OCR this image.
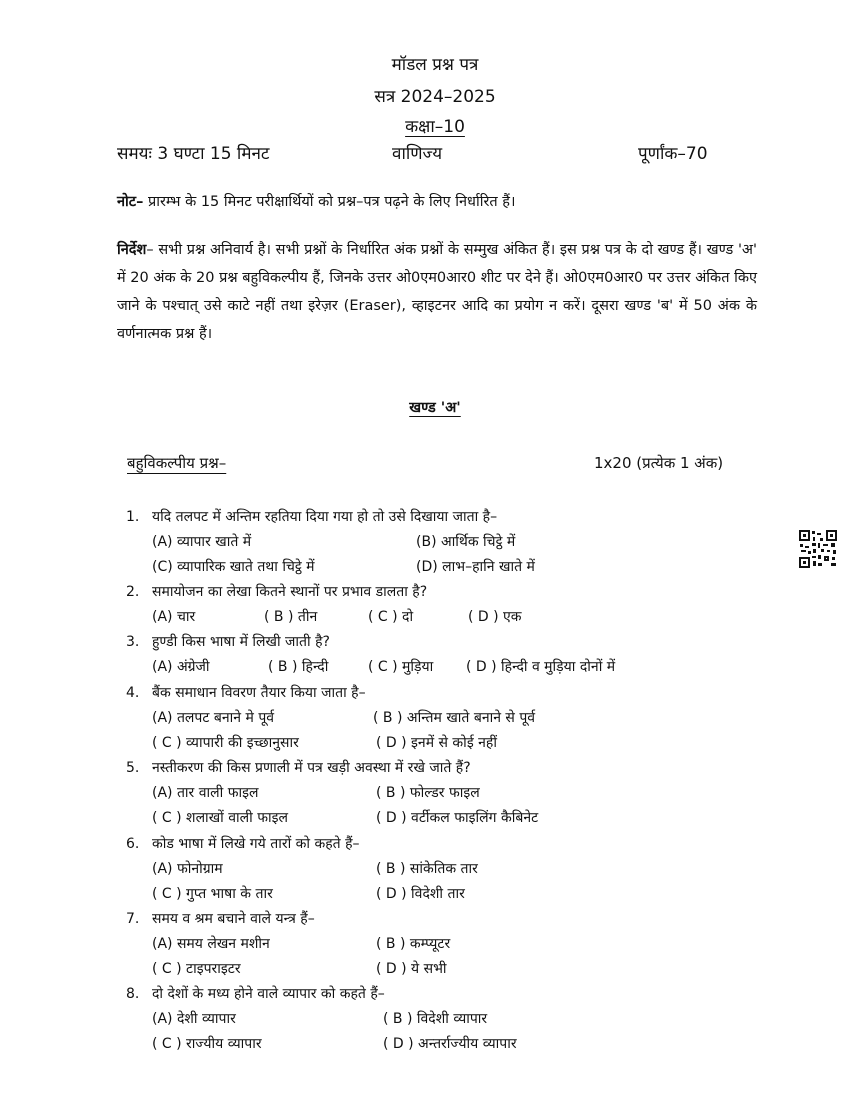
मॉडल प्रश्न पत्र
सत्र 2024–2025
कक्षा–10
समयः 3 घण्टा 15 मिनट	वाणिज्य	पूर्णांक–70
नोट– प्रारम्भ के 15 मिनट परीक्षार्थियों को प्रश्न–पत्र पढ़ने के लिए निर्धारित हैं।
निर्देश– सभी प्रश्न अनिवार्य है। सभी प्रश्नों के निर्धारित अंक प्रश्नों के सम्मुख अंकित हैं। इस प्रश्न पत्र के दो खण्ड हैं। खण्ड 'अ' में 20 अंक के 20 प्रश्न बहुविकल्पीय हैं, जिनके उत्तर ओ0एम0आर0 शीट पर देने हैं। ओ0एम0आर0 पर उत्तर अंकित किए जाने के पश्चात् उसे काटे नहीं तथा इरेज़र (Eraser), व्हाइटनर आदि का प्रयोग न करें। दूसरा खण्ड 'ब' में 50 अंक के वर्णनात्मक प्रश्न हैं।
खण्ड 'अ'
बहुविकल्पीय प्रश्न–	1x20 (प्रत्येक 1 अंक)
1. यदि तलपट में अन्तिम रहतिया दिया गया हो तो उसे दिखाया जाता है–
(A) व्यापार खाते में	(B) आर्थिक चिट्ठे में
(C) व्यापारिक खाते तथा चिट्ठे में	(D) लाभ–हानि खाते में
2. समायोजन का लेखा कितने स्थानों पर प्रभाव डालता है?
(A) चार	( B ) तीन	( C ) दो	( D ) एक
3. हुण्डी किस भाषा में लिखी जाती है?
(A) अंग्रेजी	( B ) हिन्दी	( C ) मुड़िया ( D ) हिन्दी व मुड़िया दोनों में
4. बैंक समाधान विवरण तैयार किया जाता है–
(A) तलपट बनाने मे पूर्व	( B ) अन्तिम खाते बनाने से पूर्व
( C ) व्यापारी की इच्छानुसार	( D ) इनमें से कोई नहीं
5. नस्तीकरण की किस प्रणाली में पत्र खड़ी अवस्था में रखे जाते हैं?
(A) तार वाली फाइल	( B ) फोल्डर फाइल
( C ) शलाखों वाली फाइल	( D ) वर्टीकल फाइलिंग कैबिनेट
6. कोड भाषा में लिखे गये तारों को कहते हैं–
(A) फोनोग्राम	( B ) सांकेतिक तार
( C ) गुप्त भाषा के तार	( D ) विदेशी तार
7. समय व श्रम बचाने वाले यन्त्र हैं–
(A) समय लेखन मशीन	( B ) कम्प्यूटर
( C ) टाइपराइटर	( D ) ये सभी
8. दो देशों के मध्य होने वाले व्यापार को कहते हैं–
(A) देशी व्यापार	( B ) विदेशी व्यापार
( C ) राज्यीय व्यापार	( D ) अन्तर्राज्यीय व्यापार
